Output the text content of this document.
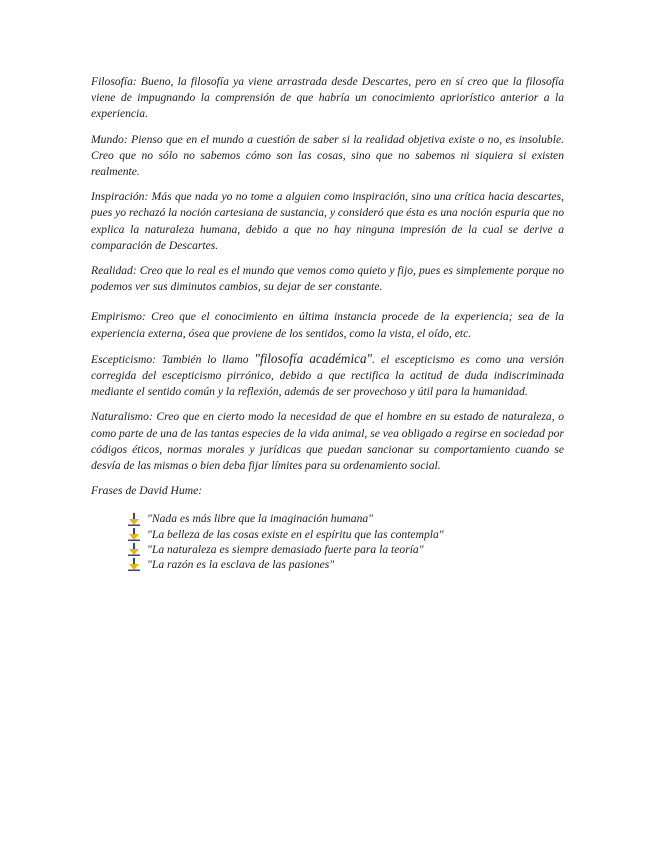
Filosofía: Bueno, la filosofía ya viene arrastrada desde Descartes, pero en sí creo que la filosofía viene de impugnando la comprensión de que habría un conocimiento apriorístico anterior a la experiencia.

Mundo: Pienso que en el mundo a cuestión de saber si la realidad objetiva existe o no, es insoluble. Creo que no sólo no sabemos cómo son las cosas, sino que no sabemos ni siquiera si existen realmente.

Inspiración: Más que nada yo no tome a alguien como inspiración, sino una crítica hacia descartes, pues yo rechazó la noción cartesiana de sustancia, y consideró que ésta es una noción espuria que no explica la naturaleza humana, debido a que no hay ninguna impresión de la cual se derive a comparación de Descartes.

Realidad: Creo que lo real es el mundo que vemos como quieto y fijo, pues es simplemente porque no podemos ver sus diminutos cambios, su dejar de ser constante.

Empirismo: Creo que el conocimiento en última instancia procede de la experiencia; sea de la experiencia externa, ósea que proviene de los sentidos, como la vista, el oído, etc.

Escepticismo: También lo llamo "filosofía académica". el escepticismo es como una versión corregida del escepticismo pirrónico, debido a que rectifica la actitud de duda indiscriminada mediante el sentido común y la reflexión, además de ser provechoso y útil para la humanidad.

Naturalismo: Creo que en cierto modo la necesidad de que el hombre en su estado de naturaleza, o como parte de una de las tantas especies de la vida animal, se vea obligado a regirse en sociedad por códigos éticos, normas morales y jurídicas que puedan sancionar su comportamiento cuando se desvía de las mismas o bien deba fijar límites para su ordenamiento social.

Frases de David Hume:

"Nada es más libre que la imaginación humana"
"La belleza de las cosas existe en el espíritu que las contempla"
"La naturaleza es siempre demasiado fuerte para la teoría"
"La razón es la esclava de las pasiones"
